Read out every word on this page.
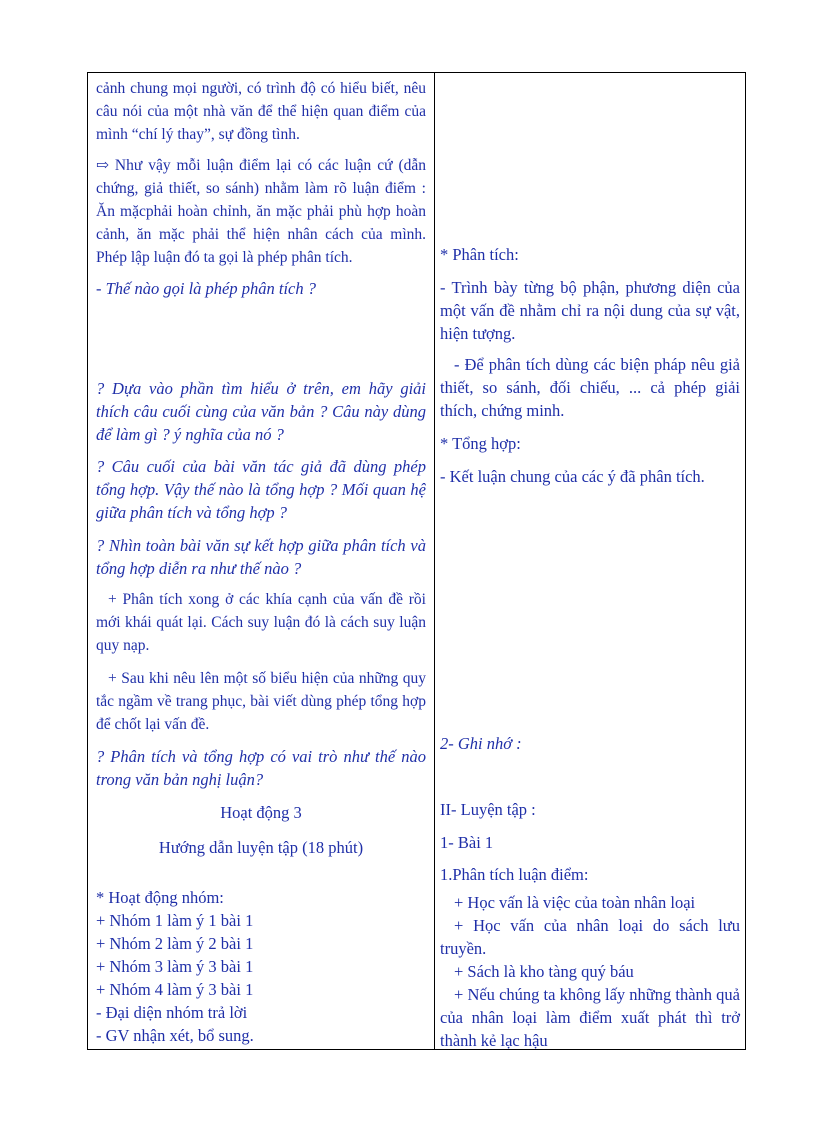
cảnh chung mọi người, có trình độ có hiểu biết, nêu câu nói của một nhà văn để thể hiện quan điểm của mình “chí lý thay”, sự đồng tình.

⇨ Như vậy mỗi luận điểm lại có các luận cứ (dẫn chứng, giả thiết, so sánh) nhằm làm rõ luận điểm : Ăn mặcphải hoàn chỉnh, ăn mặc phải phù hợp hoàn cảnh, ăn mặc phải thể hiện nhân cách của mình. Phép lập luận đó ta gọi là phép phân tích.

- Thế nào gọi là phép phân tích ?

? Dựa vào phần tìm hiểu ở trên, em hãy giải thích câu cuối cùng của văn bản ? Câu này dùng để làm gì ? ý nghĩa của nó ?

? Câu cuối của bài văn tác giả đã dùng phép tổng hợp. Vậy thế nào là tổng hợp ? Mối quan hệ giữa phân tích và tổng hợp ?

? Nhìn toàn bài văn sự kết hợp giữa phân tích và tổng hợp diễn ra như thế nào ?

+ Phân tích xong ở các khía cạnh của vấn đề rồi mới khái quát lại. Cách suy luận đó là cách suy luận quy nạp.

+ Sau khi nêu lên một số biểu hiện của những quy tắc ngầm về trang phục, bài viết dùng phép tổng hợp để chốt lại vấn đề.

? Phân tích và tổng hợp có vai trò như thế nào trong văn bản nghị luận?

Hoạt động 3

Hướng dẫn luyện tập (18 phút)

* Hoạt động nhóm:
+ Nhóm 1 làm ý 1 bài 1
+ Nhóm 2 làm ý 2 bài 1
+ Nhóm 3 làm ý 3 bài 1
+ Nhóm 4 làm ý 3 bài 1
- Đại diện nhóm trả lời
- GV nhận xét, bổ sung.

* Phân tích:

- Trình bày từng bộ phận, phương diện của một vấn đề nhằm chỉ ra nội dung của sự vật, hiện tượng.

- Để phân tích dùng các biện pháp nêu giả thiết, so sánh, đối chiếu, ... cả phép giải thích, chứng minh.

* Tổng hợp:

- Kết luận chung của các ý đã phân tích.

2- Ghi nhớ :

II- Luyện tập :

1- Bài 1

1.Phân tích luận điểm:

+ Học vấn là việc của toàn nhân loại

+ Học vấn của nhân loại do sách lưu truyền.

+ Sách là kho tàng quý báu

+ Nếu chúng ta không lấy những thành quả của nhân loại làm điểm xuất phát thì trở thành kẻ lạc hậu
